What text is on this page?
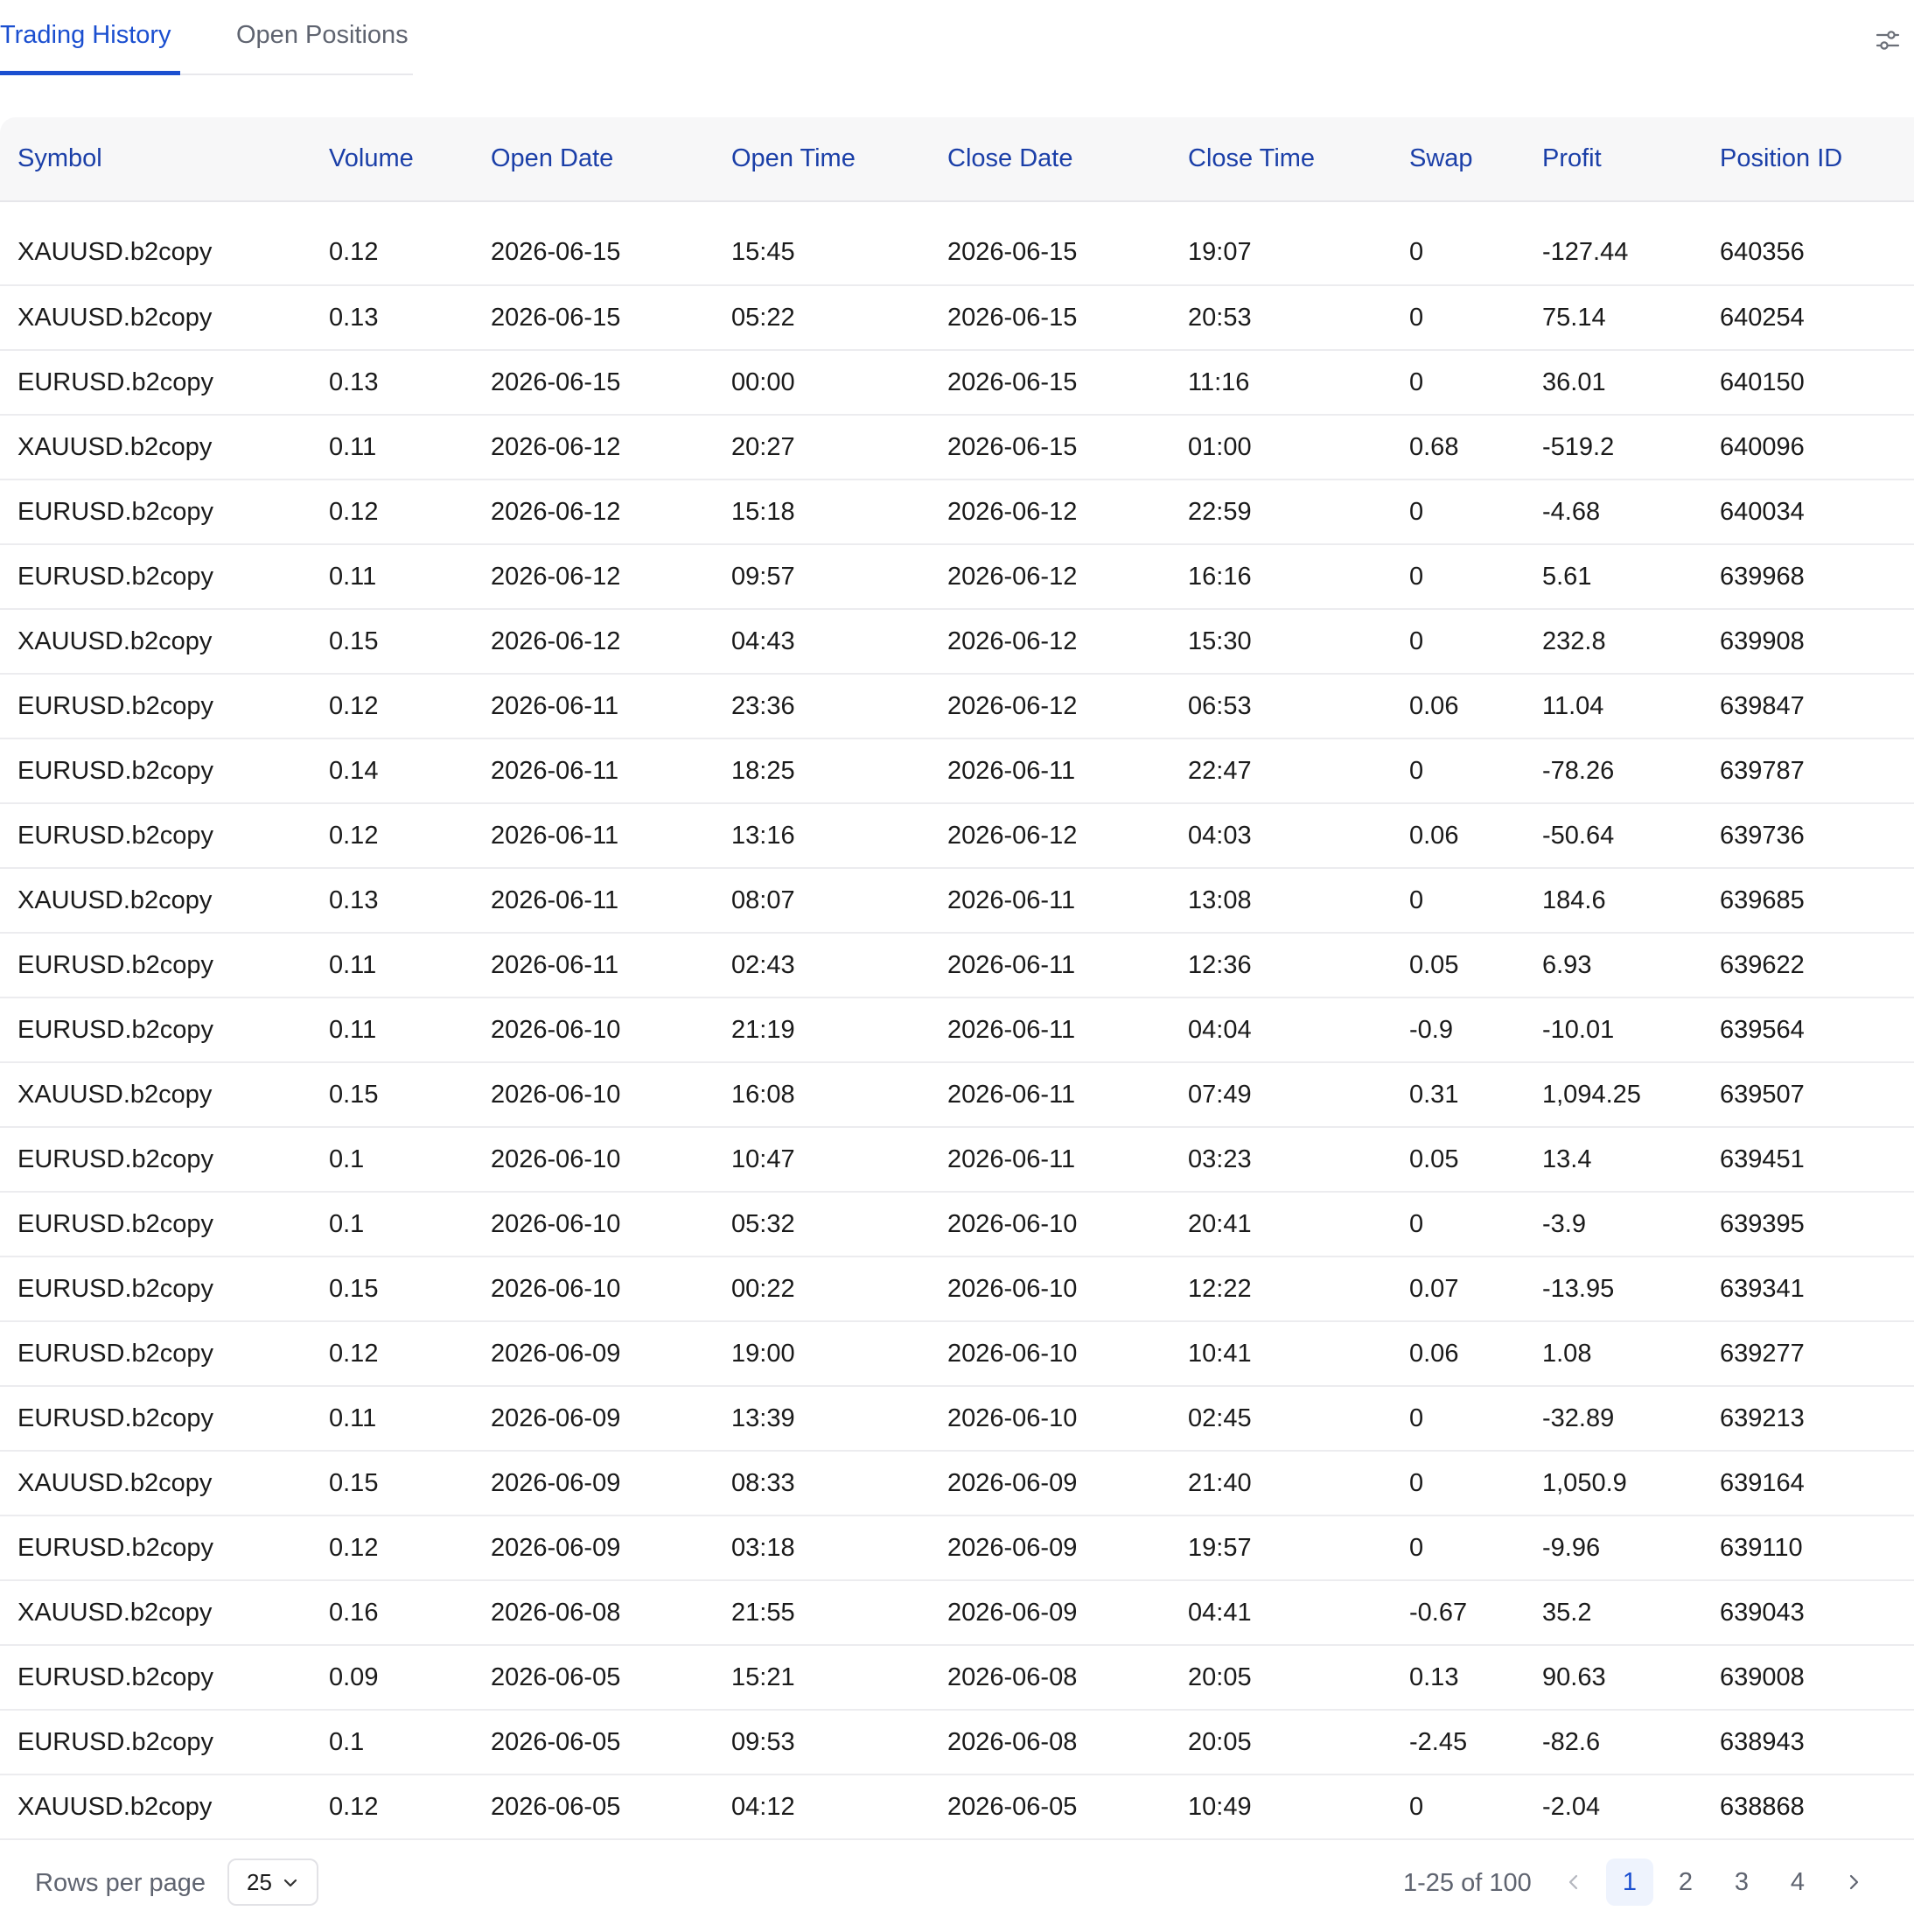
Trading History	Open Positions
Symbol	Volume	Open Date	Open Time	Close Date	Close Time	Swap	Profit	Position ID

XAUUSD.b2copy	0.12	2026-06-15	15:45	2026-06-15	19:07	0	-127.44	640356
XAUUSD.b2copy	0.13	2026-06-15	05:22	2026-06-15	20:53	0	75.14	640254
EURUSD.b2copy	0.13	2026-06-15	00:00	2026-06-15	11:16	0	36.01	640150
XAUUSD.b2copy	0.11	2026-06-12	20:27	2026-06-15	01:00	0.68	-519.2	640096
EURUSD.b2copy	0.12	2026-06-12	15:18	2026-06-12	22:59	0	-4.68	640034
EURUSD.b2copy	0.11	2026-06-12	09:57	2026-06-12	16:16	0	5.61	639968
XAUUSD.b2copy	0.15	2026-06-12	04:43	2026-06-12	15:30	0	232.8	639908
EURUSD.b2copy	0.12	2026-06-11	23:36	2026-06-12	06:53	0.06	11.04	639847
EURUSD.b2copy	0.14	2026-06-11	18:25	2026-06-11	22:47	0	-78.26	639787
EURUSD.b2copy	0.12	2026-06-11	13:16	2026-06-12	04:03	0.06	-50.64	639736
XAUUSD.b2copy	0.13	2026-06-11	08:07	2026-06-11	13:08	0	184.6	639685
EURUSD.b2copy	0.11	2026-06-11	02:43	2026-06-11	12:36	0.05	6.93	639622
EURUSD.b2copy	0.11	2026-06-10	21:19	2026-06-11	04:04	-0.9	-10.01	639564
XAUUSD.b2copy	0.15	2026-06-10	16:08	2026-06-11	07:49	0.31	1,094.25	639507
EURUSD.b2copy	0.1	2026-06-10	10:47	2026-06-11	03:23	0.05	13.4	639451
EURUSD.b2copy	0.1	2026-06-10	05:32	2026-06-10	20:41	0	-3.9	639395
EURUSD.b2copy	0.15	2026-06-10	00:22	2026-06-10	12:22	0.07	-13.95	639341
EURUSD.b2copy	0.12	2026-06-09	19:00	2026-06-10	10:41	0.06	1.08	639277
EURUSD.b2copy	0.11	2026-06-09	13:39	2026-06-10	02:45	0	-32.89	639213
XAUUSD.b2copy	0.15	2026-06-09	08:33	2026-06-09	21:40	0	1,050.9	639164
EURUSD.b2copy	0.12	2026-06-09	03:18	2026-06-09	19:57	0	-9.96	639110
XAUUSD.b2copy	0.16	2026-06-08	21:55	2026-06-09	04:41	-0.67	35.2	639043
EURUSD.b2copy	0.09	2026-06-05	15:21	2026-06-08	20:05	0.13	90.63	639008
EURUSD.b2copy	0.1	2026-06-05	09:53	2026-06-08	20:05	-2.45	-82.6	638943
XAUUSD.b2copy	0.12	2026-06-05	04:12	2026-06-05	10:49	0	-2.04	638868
Rows per page 25	1-25 of 100	1	2	3	4
